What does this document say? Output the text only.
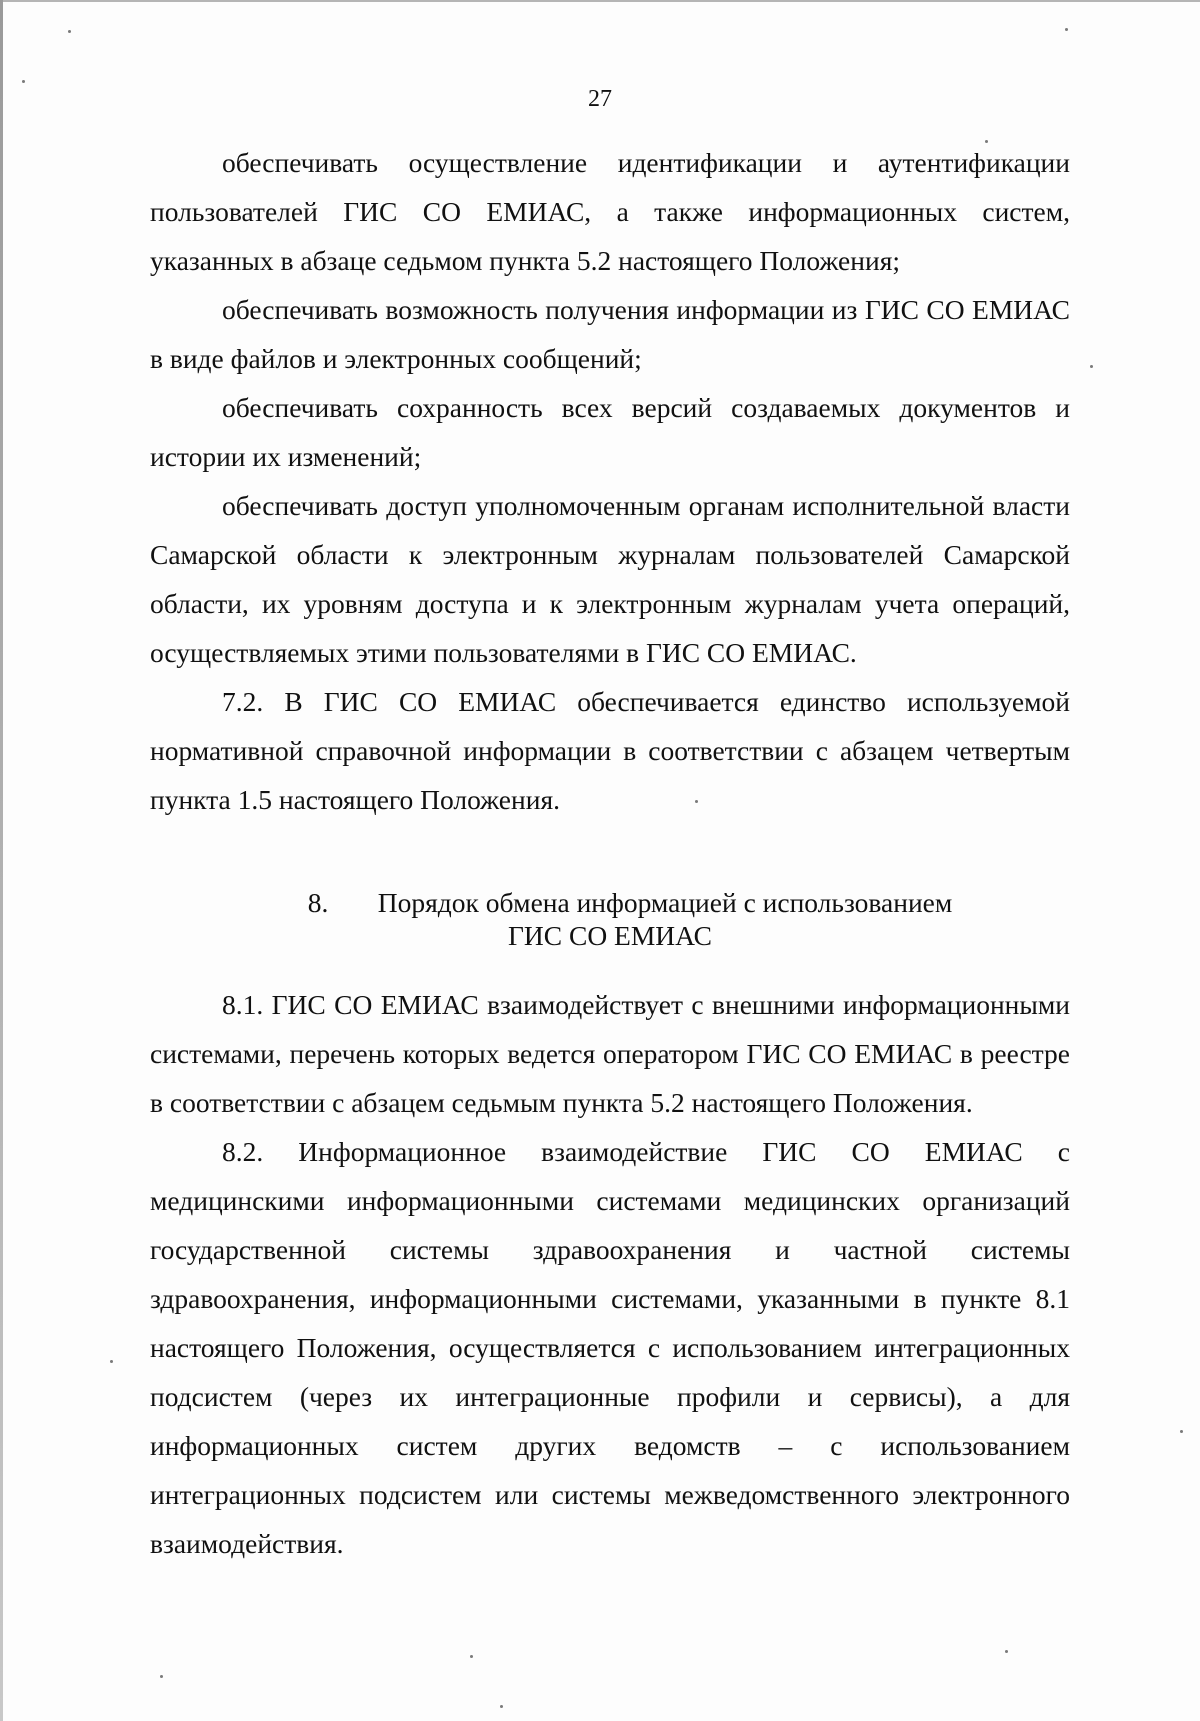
27

обеспечивать осуществление идентификации и аутентификации пользователей ГИС СО ЕМИАС, а также информационных систем, указанных в абзаце седьмом пункта 5.2 настоящего Положения;

обеспечивать возможность получения информации из ГИС СО ЕМИАС в виде файлов и электронных сообщений;

обеспечивать сохранность всех версий создаваемых документов и истории их изменений;

обеспечивать доступ уполномоченным органам исполнительной власти Самарской области к электронным журналам пользователей Самарской области, их уровням доступа и к электронным журналам учета операций, осуществляемых этими пользователями в ГИС СО ЕМИАС.

7.2. В ГИС СО ЕМИАС обеспечивается единство используемой нормативной справочной информации в соответствии с абзацем четвертым пункта 1.5 настоящего Положения.

8. Порядок обмена информацией с использованием
ГИС СО ЕМИАС

8.1. ГИС СО ЕМИАС взаимодействует с внешними информационными системами, перечень которых ведется оператором ГИС СО ЕМИАС в реестре в соответствии с абзацем седьмым пункта 5.2 настоящего Положения.

8.2. Информационное взаимодействие ГИС СО ЕМИАС с медицинскими информационными системами медицинских организаций государственной системы здравоохранения и частной системы здравоохранения, информационными системами, указанными в пункте 8.1 настоящего Положения, осуществляется с использованием интеграционных подсистем (через их интеграционные профили и сервисы), а для информационных систем других ведомств – с использованием интеграционных подсистем или системы межведомственного электронного взаимодействия.
